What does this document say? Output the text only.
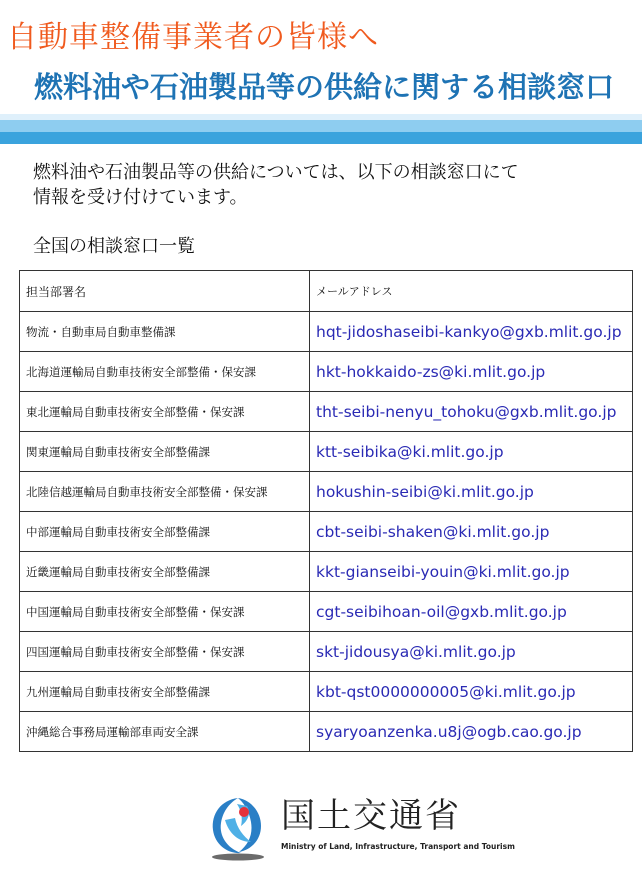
自動車整備事業者の皆様へ
燃料油や石油製品等の供給に関する相談窓口
燃料油や石油製品等の供給については、以下の相談窓口にて
情報を受け付けています。
全国の相談窓口一覧
担当部署名	メールアドレス
物流・自動車局自動車整備課	hqt-jidoshaseibi-kankyo@gxb.mlit.go.jp
北海道運輸局自動車技術安全部整備・保安課	hkt-hokkaido-zs@ki.mlit.go.jp
東北運輸局自動車技術安全部整備・保安課	tht-seibi-nenyu_tohoku@gxb.mlit.go.jp
関東運輸局自動車技術安全部整備課	ktt-seibika@ki.mlit.go.jp
北陸信越運輸局自動車技術安全部整備・保安課	hokushin-seibi@ki.mlit.go.jp
中部運輸局自動車技術安全部整備課	cbt-seibi-shaken@ki.mlit.go.jp
近畿運輸局自動車技術安全部整備課	kkt-gianseibi-youin@ki.mlit.go.jp
中国運輸局自動車技術安全部整備・保安課	cgt-seibihoan-oil@gxb.mlit.go.jp
四国運輸局自動車技術安全部整備・保安課	skt-jidousya@ki.mlit.go.jp
九州運輸局自動車技術安全部整備課	kbt-qst0000000005@ki.mlit.go.jp
沖縄総合事務局運輸部車両安全課	syaryoanzenka.u8j@ogb.cao.go.jp
国土交通省
Ministry of Land, Infrastructure, Transport and Tourism
